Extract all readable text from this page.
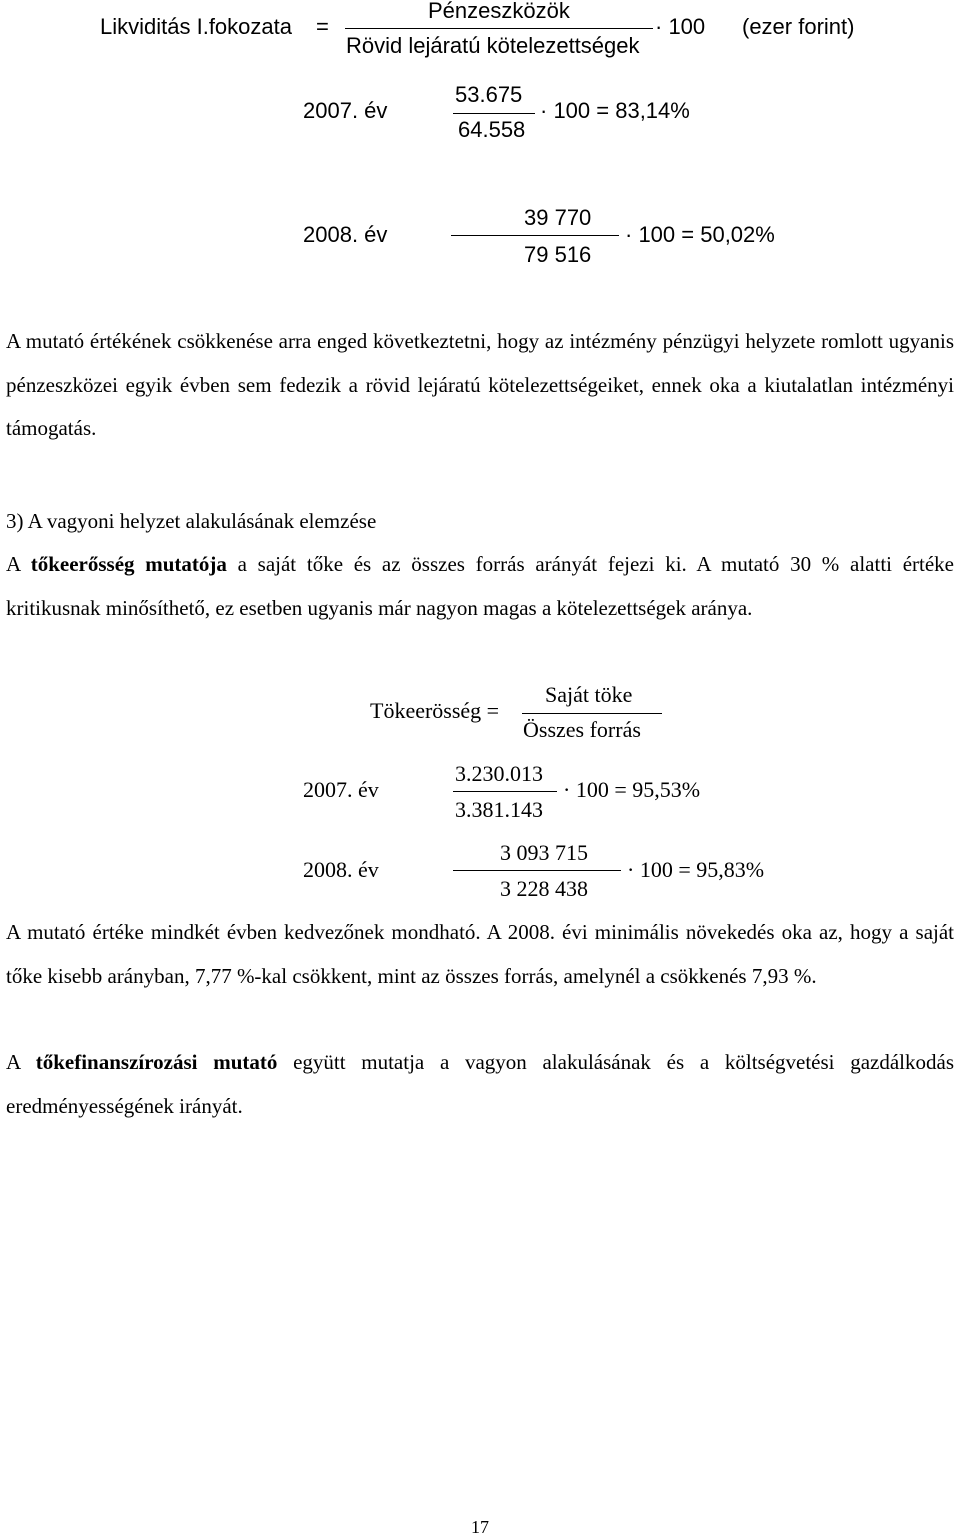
Likviditás I.fokozata =
Pénzeszközök
Rövid lejáratú kötelezettségek
· 100 (ezer forint)
2007. év
53.675
64.558
· 100 = 83,14%
2008. év
39 770
79 516
· 100 = 50,02%

A mutató értékének csökkenése arra enged következtetni, hogy az intézmény pénzügyi helyzete romlott ugyanis pénzeszközei egyik évben sem fedezik a rövid lejáratú kötelezettségeiket, ennek oka a kiutalatlan intézményi támogatás.

3) A vagyoni helyzet alakulásának elemzése

A tőkeerősség mutatója a saját tőke és az összes forrás arányát fejezi ki. A mutató 30 % alatti értéke kritikusnak minősíthető, ez esetben ugyanis már nagyon magas a kötelezettségek aránya.

Tökeerösség =
Saját töke
Összes forrás
2007. év
3.230.013
3.381.143
· 100 = 95,53%
2008. év
3 093 715
3 228 438
· 100 = 95,83%

A mutató értéke mindkét évben kedvezőnek mondható. A 2008. évi minimális növekedés oka az, hogy a saját tőke kisebb arányban, 7,77 %-kal csökkent, mint az összes forrás, amelynél a csökkenés 7,93 %.

A tőkefinanszírozási mutató együtt mutatja a vagyon alakulásának és a költségvetési gazdálkodás eredményességének irányát.

17
